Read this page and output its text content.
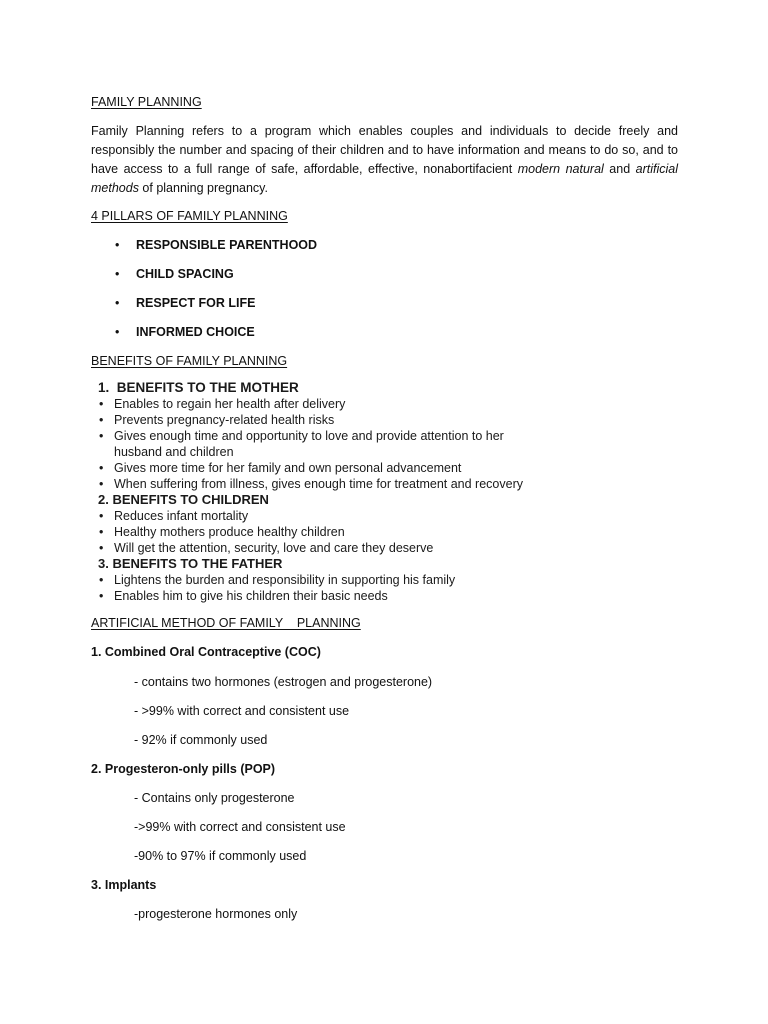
FAMILY PLANNING
Family Planning refers to a program which enables couples and individuals to decide freely and responsibly the number and spacing of their children and to have information and means to do so, and to have access to a full range of safe, affordable, effective, nonabortifacient modern natural and artificial methods of planning pregnancy.
4 PILLARS OF FAMILY PLANNING
• RESPONSIBLE PARENTHOOD
• CHILD SPACING
• RESPECT FOR LIFE
• INFORMED CHOICE
BENEFITS OF FAMILY PLANNING
1.  BENEFITS TO THE MOTHER
• Enables to regain her health after delivery
• Prevents pregnancy-related health risks
• Gives enough time and opportunity to love and provide attention to her husband and children
• Gives more time for her family and own personal advancement
• When suffering from illness, gives enough time for treatment and recovery
2. BENEFITS TO CHILDREN
• Reduces infant mortality
• Healthy mothers produce healthy children
• Will get the attention, security, love and care they deserve
3. BENEFITS TO THE FATHER
• Lightens the burden and responsibility in supporting his family
• Enables him to give his children their basic needs
ARTIFICIAL METHOD OF FAMILY    PLANNING
1. Combined Oral Contraceptive (COC)
- contains two hormones (estrogen and progesterone)
- >99% with correct and consistent use
- 92% if commonly used
2. Progesteron-only pills (POP)
- Contains only progesterone
->99% with correct and consistent use
-90% to 97% if commonly used
3. Implants
-progesterone hormones only
